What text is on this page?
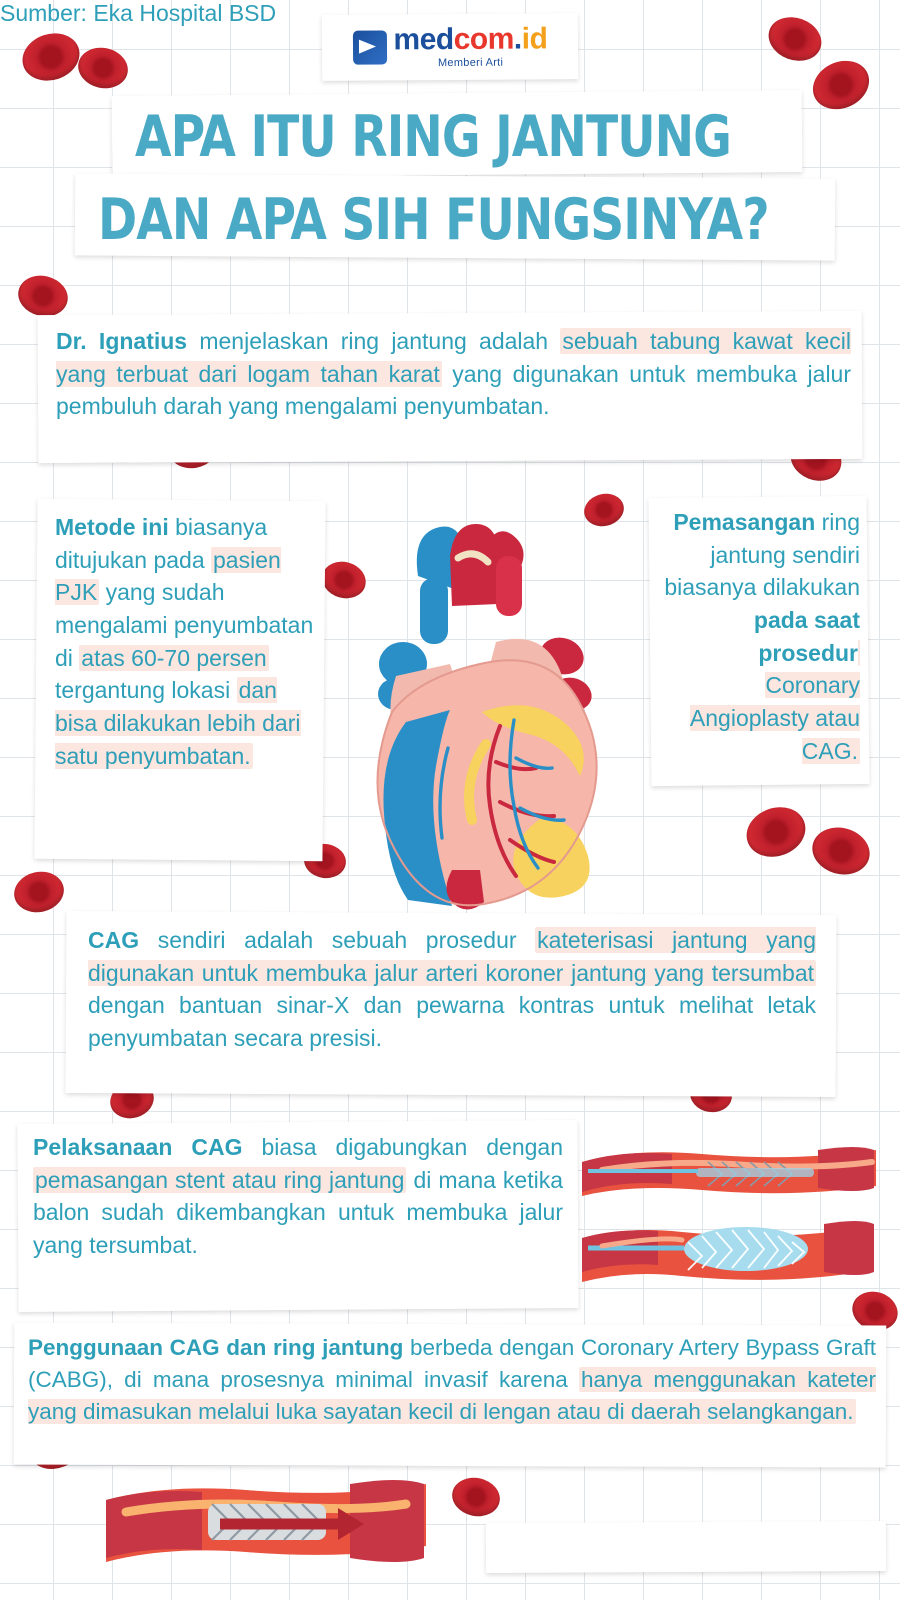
medcom.id
Memberi Arti
APA ITU RING JANTUNG
DAN APA SIH FUNGSINYA?
Dr. Ignatius menjelaskan ring jantung adalah sebuah tabung kawat kecil yang terbuat dari logam tahan karat yang digunakan untuk membuka jalur pembuluh darah yang mengalami penyumbatan.
Metode ini biasanya ditujukan pada pasien PJK yang sudah mengalami penyumbatan di atas 60-70 persen tergantung lokasi dan bisa dilakukan lebih dari satu penyumbatan.
Pemasangan ring jantung sendiri biasanya dilakukan pada saat prosedur Coronary Angioplasty atau CAG.
CAG sendiri adalah sebuah prosedur kateterisasi jantung yang digunakan untuk membuka jalur arteri koroner jantung yang tersumbat dengan bantuan sinar-X dan pewarna kontras untuk melihat letak penyumbatan secara presisi.
Pelaksanaan CAG biasa digabungkan dengan pemasangan stent atau ring jantung di mana ketika balon sudah dikembangkan untuk membuka jalur yang tersumbat.
Penggunaan CAG dan ring jantung berbeda dengan Coronary Artery Bypass Graft (CABG), di mana prosesnya minimal invasif karena hanya menggunakan kateter yang dimasukan melalui luka sayatan kecil di lengan atau di daerah selangkangan.
Sumber: Eka Hospital BSD
